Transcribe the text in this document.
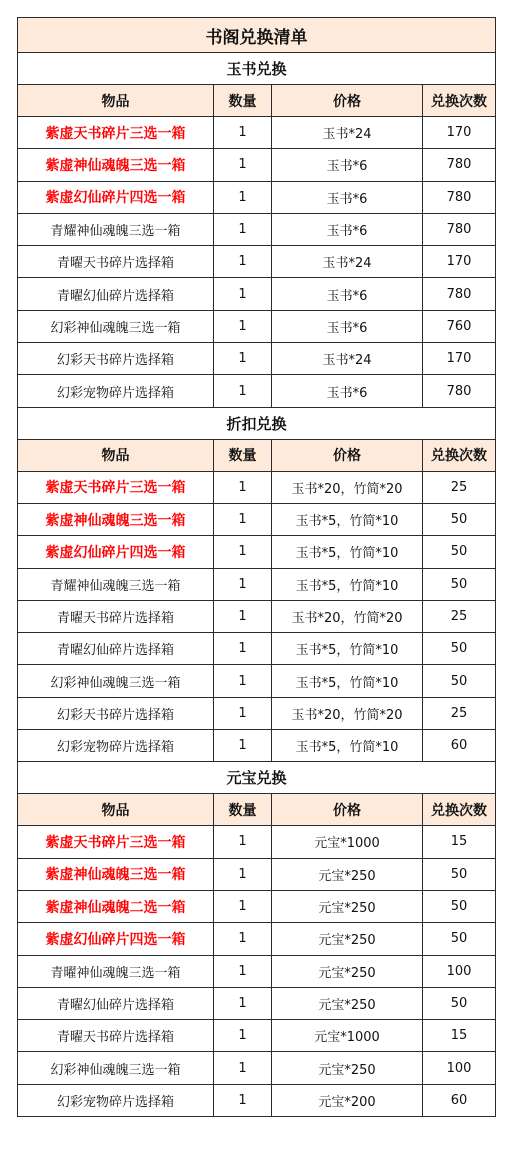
书阁兑换清单			
玉书兑换			
物品	数量	价格	兑换次数
紫虚天书碎片三选一箱	1	玉书*24	170
紫虚神仙魂魄三选一箱	1	玉书*6	780
紫虚幻仙碎片四选一箱	1	玉书*6	780
青耀神仙魂魄三选一箱	1	玉书*6	780
青曜天书碎片选择箱	1	玉书*24	170
青曜幻仙碎片选择箱	1	玉书*6	780
幻彩神仙魂魄三选一箱	1	玉书*6	760
幻彩天书碎片选择箱	1	玉书*24	170
幻彩宠物碎片选择箱	1	玉书*6	780
折扣兑换			
物品	数量	价格	兑换次数
紫虚天书碎片三选一箱	1	玉书*20，竹简*20	25
紫虚神仙魂魄三选一箱	1	玉书*5，竹简*10	50
紫虚幻仙碎片四选一箱	1	玉书*5，竹简*10	50
青耀神仙魂魄三选一箱	1	玉书*5，竹简*10	50
青曜天书碎片选择箱	1	玉书*20，竹简*20	25
青曜幻仙碎片选择箱	1	玉书*5，竹简*10	50
幻彩神仙魂魄三选一箱	1	玉书*5，竹简*10	50
幻彩天书碎片选择箱	1	玉书*20，竹简*20	25
幻彩宠物碎片选择箱	1	玉书*5，竹简*10	60
元宝兑换			
物品	数量	价格	兑换次数
紫虚天书碎片三选一箱	1	元宝*1000	15
紫虚神仙魂魄三选一箱	1	元宝*250	50
紫虚神仙魂魄二选一箱	1	元宝*250	50
紫虚幻仙碎片四选一箱	1	元宝*250	50
青曜神仙魂魄三选一箱	1	元宝*250	100
青曜幻仙碎片选择箱	1	元宝*250	50
青曜天书碎片选择箱	1	元宝*1000	15
幻彩神仙魂魄三选一箱	1	元宝*250	100
幻彩宠物碎片选择箱	1	元宝*200	60
